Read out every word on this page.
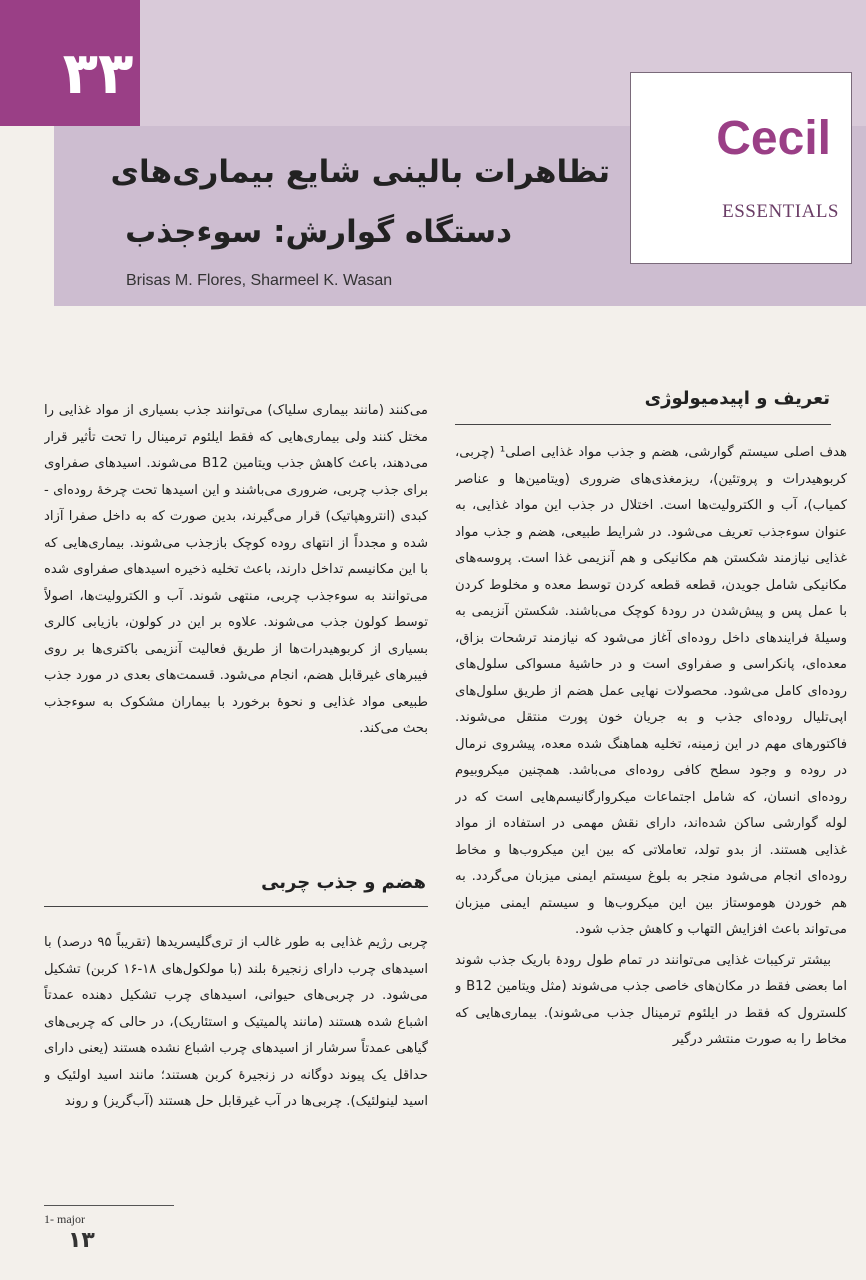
۳۳
Cecil
ESSENTIALS
تظاهرات بالینی شایع بیماری‌های
دستگاه گوارش: سوءجذب
Brisas M. Flores, Sharmeel K. Wasan
تعریف و اپیدمیولوژی

هدف اصلی سیستم گوارشی، هضم و جذب مواد غذایی اصلی¹ (چربی، کربوهیدرات و پروتئین)، ریزمغذی‌های ضروری (ویتامین‌ها و عناصر کمیاب)، آب و الکترولیت‌ها است. اختلال در جذب این مواد غذایی، به عنوان سوءجذب تعریف می‌شود. در شرایط طبیعی، هضم و جذب مواد غذایی نیازمند شکستن هم مکانیکی و هم آنزیمی غذا است. پروسه‌های مکانیکی شامل جویدن، قطعه قطعه کردن توسط معده و مخلوط کردن با عمل پس و پیش‌شدن در رودهٔ کوچک می‌باشند. شکستن آنزیمی به وسیلهٔ فرایندهای داخل روده‌ای آغاز می‌شود که نیازمند ترشحات بزاق، معده‌ای، پانکراسی و صفراوی است و در حاشیهٔ مسواکی سلول‌های روده‌ای کامل می‌شود. محصولات نهایی عمل هضم از طریق سلول‌های اپی‌تلیال روده‌ای جذب و به جریان خون پورت منتقل می‌شوند. فاکتورهای مهم در این زمینه، تخلیه هماهنگ شده معده، پیشروی نرمال در روده و وجود سطح کافی روده‌ای می‌باشد. همچنین میکروبیوم روده‌ای انسان، که شامل اجتماعات میکروارگانیسم‌هایی است که در لوله گوارشی ساکن شده‌اند، دارای نقش مهمی در استفاده از مواد غذایی هستند. از بدو تولد، تعاملاتی که بین این میکروب‌ها و مخاط روده‌ای انجام می‌شود منجر به بلوغ سیستم ایمنی میزبان می‌گردد. به هم خوردن هوموستاز بین این میکروب‌ها و سیستم ایمنی میزبان می‌تواند باعث افزایش التهاب و کاهش جذب شود.

بیشتر ترکیبات غذایی می‌توانند در تمام طول رودهٔ باریک جذب شوند اما بعضی فقط در مکان‌های خاصی جذب می‌شوند (مثل ویتامین B12 و کلسترول که فقط در ایلئوم ترمینال جذب می‌شوند). بیماری‌هایی که مخاط را به صورت منتشر درگیر

می‌کنند (مانند بیماری سلیاک) می‌توانند جذب بسیاری از مواد غذایی را مختل کنند ولی بیماری‌هایی که فقط ایلئوم ترمینال را تحت تأثیر قرار می‌دهند، باعث کاهش جذب ویتامین B12 می‌شوند. اسیدهای صفراوی برای جذب چربی، ضروری می‌باشند و این اسیدها تحت چرخهٔ روده‌ای - کبدی (انتروهپاتیک) قرار می‌گیرند، بدین صورت که به داخل صفرا آزاد شده و مجدداً از انتهای روده کوچک بازجذب می‌شوند. بیماری‌هایی که با این مکانیسم تداخل دارند، باعث تخلیه ذخیره اسیدهای صفراوی شده می‌توانند به سوءجذب چربی، منتهی شوند. آب و الکترولیت‌ها، اصولاً توسط کولون جذب می‌شوند. علاوه بر این در کولون، بازیابی کالری بسیاری از کربوهیدرات‌ها از طریق فعالیت آنزیمی باکتری‌ها بر روی فیبرهای غیرقابل هضم، انجام می‌شود. قسمت‌های بعدی در مورد جذب طبیعی مواد غذایی و نحوهٔ برخورد با بیماران مشکوک به سوءجذب بحث می‌کند.

هضم و جذب چربی

چربی رژیم غذایی به طور غالب از تری‌گلیسریدها (تقریباً ۹۵ درصد) با اسیدهای چرب دارای زنجیرهٔ بلند (با مولکول‌های ۱۸-۱۶ کربن) تشکیل می‌شود. در چربی‌های حیوانی، اسیدهای چرب تشکیل دهنده عمدتاً اشباع شده هستند (مانند پالمیتیک و استئاریک)، در حالی که چربی‌های گیاهی عمدتاً سرشار از اسیدهای چرب اشباع نشده هستند (یعنی دارای حداقل یک پیوند دوگانه در زنجیرهٔ کربن هستند؛ مانند اسید اولئیک و اسید لینولئیک). چربی‌ها در آب غیرقابل حل هستند (آب‌گریز) و روند

1- major
۱۳
